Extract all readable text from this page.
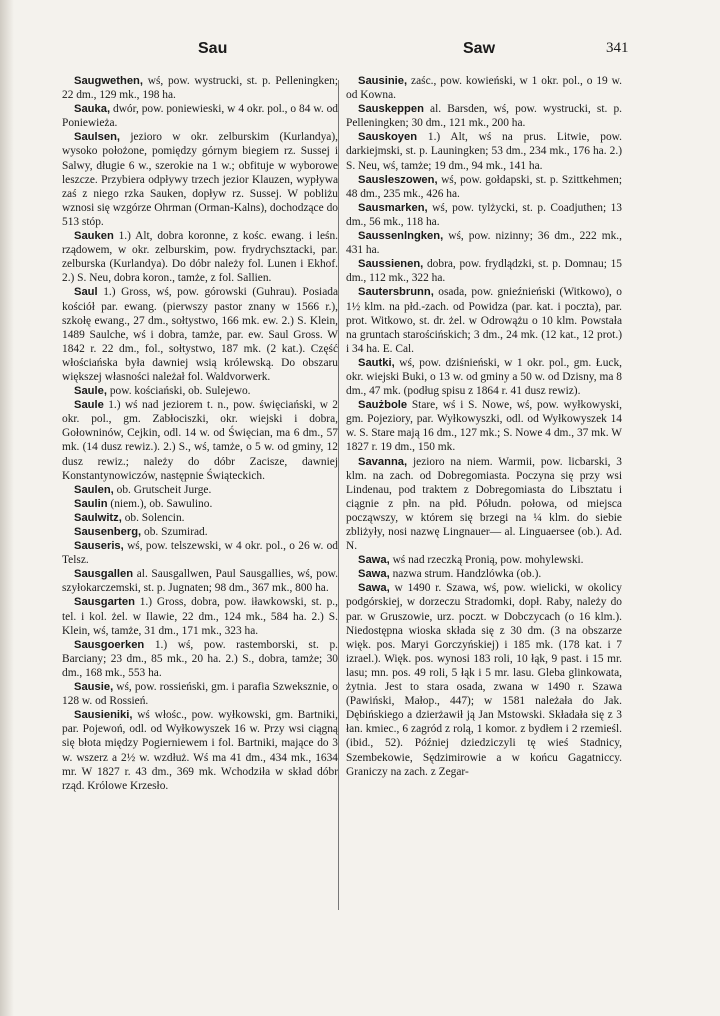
Sau	Saw	341
Saugwethen, wś, pow. wystrucki, st. p. Pelleningken; 22 dm., 129 mk., 198 ha.
Sauka, dwór, pow. poniewieski, w 4 okr. pol., o 84 w. od Poniewieża.
Saulsen, jezioro w okr. zelburskim (Kurlandya), wysoko położone, pomiędzy górnym biegiem rz. Sussej i Salwy, długie 6 w., szerokie na 1 w.; obfituje w wyborowe leszcze. Przybiera odpływy trzech jezior Klauzen, wypływa zaś z niego rzka Sauken, dopływ rz. Sussej. W pobliżu wznosi się wzgórze Ohrman (Orman-Kalns), dochodzące do 513 stóp.
Sauken 1.) Alt, dobra koronne, z kośc. ewang. i leśn. rządowem, w okr. zelburskim, pow. frydrychsztacki, par. zelburska (Kurlandya). Do dóbr należy fol. Lunen i Ekhof. 2.) S. Neu, dobra koron., tamże, z fol. Sallien.
Saul 1.) Gross, wś, pow. górowski (Guhrau). Posiada kościół par. ewang. (pierwszy pastor znany w 1566 r.), szkołę ewang., 27 dm., sołtystwo, 166 mk. ew. 2.) S. Klein, 1489 Saulche, wś i dobra, tamże, par. ew. Saul Gross. W 1842 r. 22 dm., fol., sołtystwo, 187 mk. (2 kat.). Część włościańska była dawniej wsią królewską. Do obszaru większej własności należał fol. Waldvorwerk.
Saule, pow. kościański, ob. Sulejewo.
Saule 1.) wś nad jeziorem t. n., pow. święciański, w 2 okr. pol., gm. Zabłociszki, okr. wiejski i dobra, Gołowninów, Cejkin, odl. 14 w. od Święcian, ma 6 dm., 57 mk. (14 dusz rewiz.). 2.) S., wś, tamże, o 5 w. od gminy, 12 dusz rewiz.; należy do dóbr Zacisze, dawniej Konstantynowiczów, następnie Świąteckich.
Saulen, ob. Grutscheit Jurge.
Saulin (niem.), ob. Sawulino.
Saulwitz, ob. Solencin.
Sausenberg, ob. Szumirad.
Sauseris, wś, pow. telszewski, w 4 okr. pol., o 26 w. od Telsz.
Sausgallen al. Sausgallwen, Paul Sausgallies, wś, pow. szyłokarczemski, st. p. Jugnaten; 98 dm., 367 mk., 800 ha.
Sausgarten 1.) Gross, dobra, pow. iławkowski, st. p., tel. i kol. żel. w Ilawie, 22 dm., 124 mk., 584 ha. 2.) S. Klein, wś, tamże, 31 dm., 171 mk., 323 ha.
Sausgoerken 1.) wś, pow. rastemborski, st. p. Barciany; 23 dm., 85 mk., 20 ha. 2.) S., dobra, tamże; 30 dm., 168 mk., 553 ha.
Sausie, wś, pow. rossieński, gm. i parafia Szweksznie, o 128 w. od Rossień.
Sausieniki, wś włośc., pow. wyłkowski, gm. Bartniki, par. Pojewoń, odl. od Wyłkowyszek 16 w. Przy wsi ciągną się błota między Pogierniewem i fol. Bartniki, mające do 3 w. wszerz a 2½ w. wzdłuż. Wś ma 41 dm., 434 mk., 1634 mr. W 1827 r. 43 dm., 369 mk. Wchodziła w skład dóbr rząd. Królowe Krzesło.
Sausinie, zaśc., pow. kowieński, w 1 okr. pol., o 19 w. od Kowna.
Sauskeppen al. Barsden, wś, pow. wystrucki, st. p. Pelleningken; 30 dm., 121 mk., 200 ha.
Sauskoyen 1.) Alt, wś na prus. Litwie, pow. darkiejmski, st. p. Launingken; 53 dm., 234 mk., 176 ha. 2.) S. Neu, wś, tamże; 19 dm., 94 mk., 141 ha.
Sausleszowen, wś, pow. gołdapski, st. p. Szittkehmen; 48 dm., 235 mk., 426 ha.
Sausmarken, wś, pow. tylżycki, st. p. Coadjuthen; 13 dm., 56 mk., 118 ha.
Saussenlngken, wś, pow. nizinny; 36 dm., 222 mk., 431 ha.
Saussienen, dobra, pow. frydlądzki, st. p. Domnau; 15 dm., 112 mk., 322 ha.
Sautersbrunn, osada, pow. gnieźnieński (Witkowo), o 1½ klm. na płd.-zach. od Powidza (par. kat. i poczta), par. prot. Witkowo, st. dr. żel. w Odrowążu o 10 klm. Powstała na gruntach starościńskich; 3 dm., 24 mk. (12 kat., 12 prot.) i 34 ha. E. Cal.
Sautki, wś, pow. dziśnieński, w 1 okr. pol., gm. Łuck, okr. wiejski Buki, o 13 w. od gminy a 50 w. od Dzisny, ma 8 dm., 47 mk. (podług spisu z 1864 r. 41 dusz rewiz).
Saużbole Stare, wś i S. Nowe, wś, pow. wyłkowyski, gm. Pojeziory, par. Wyłkowyszki, odl. od Wyłkowyszek 14 w. S. Stare mają 16 dm., 127 mk.; S. Nowe 4 dm., 37 mk. W 1827 r. 19 dm., 150 mk.
Savanna, jezioro na niem. Warmii, pow. licbarski, 3 klm. na zach. od Dobregomiasta. Poczyna się przy wsi Lindenau, pod traktem z Dobregomiasta do Libsztatu i ciągnie z płn. na płd. Półudn. połowa, od miejsca począwszy, w którem się brzegi na ¼ klm. do siebie zbliżyły, nosi nazwę Lingnauer— al. Linguaersee (ob.). Ad. N.
Sawa, wś nad rzeczką Pronią, pow. mohylewski.
Sawa, nazwa strum. Handzlówka (ob.).
Sawa, w 1490 r. Szawa, wś, pow. wielicki, w okolicy podgórskiej, w dorzeczu Stradomki, dopł. Raby, należy do par. w Gruszowie, urz. poczt. w Dobczycach (o 16 klm.). Niedostępna wioska składa się z 30 dm. (3 na obszarze więk. pos. Maryi Gorczyńskiej) i 185 mk. (178 kat. i 7 izrael.). Więk. pos. wynosi 183 roli, 10 łąk, 9 past. i 15 mr. lasu; mn. pos. 49 roli, 5 łąk i 5 mr. lasu. Gleba glinkowata, żytnia. Jest to stara osada, zwana w 1490 r. Szawa (Pawiński, Małop., 447); w 1581 należała do Jak. Dębińskiego a dzierżawił ją Jan Mstowski. Składała się z 3 łan. kmiec., 6 zagród z rolą, 1 komor. z bydłem i 2 rzemieśl. (ibid., 52). Później dziedziczyli tę wieś Stadnicy, Szembekowie, Sędzimirowie a w końcu Gagatniccy. Graniczy na zach. z Zegar-
